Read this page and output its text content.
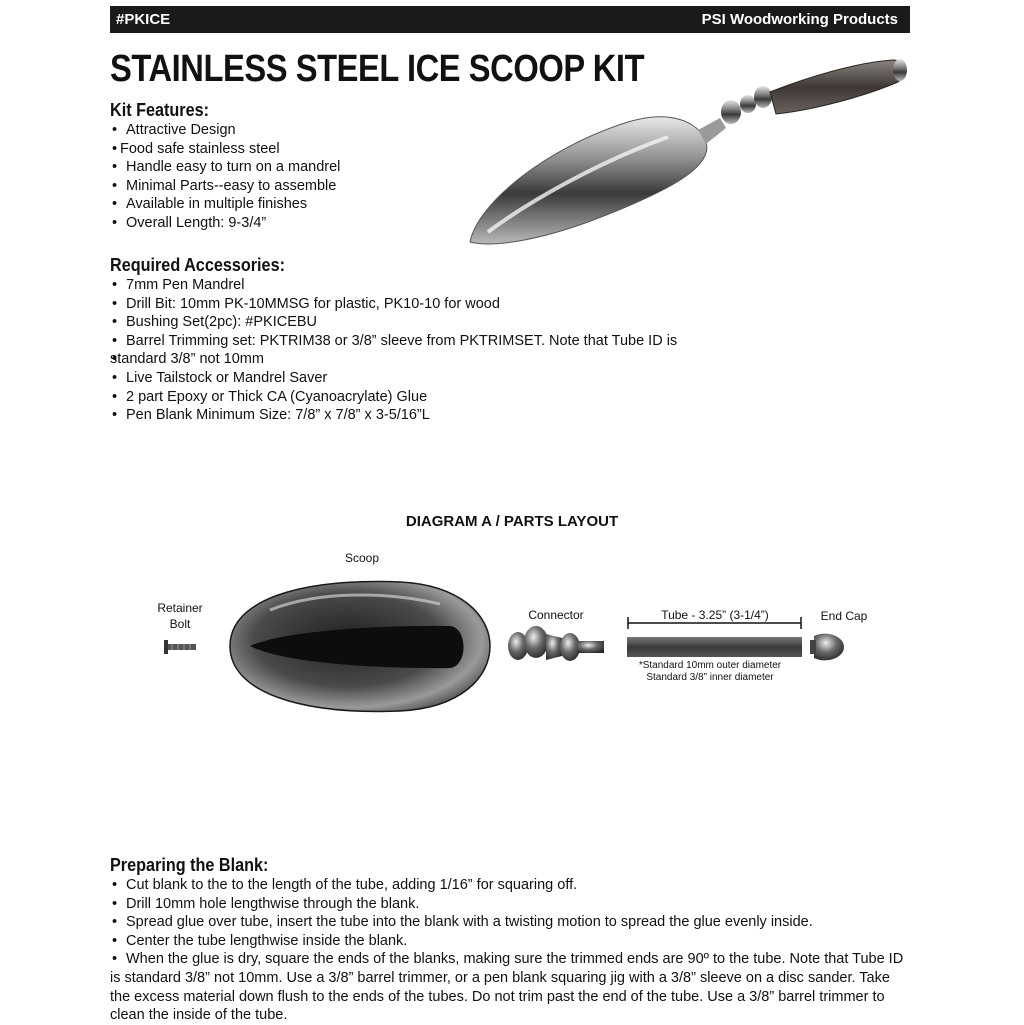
#PKICE	PSI Woodworking Products
STAINLESS STEEL ICE SCOOP KIT
Kit Features:
• Attractive Design
• Food safe stainless steel
• Handle easy to turn on a mandrel
• Minimal Parts--easy to assemble
• Available in multiple finishes
• Overall Length: 9-3/4”
Required Accessories:
• 7mm Pen Mandrel
• Drill Bit: 10mm PK-10MMSG for plastic, PK10-10 for wood
• Bushing Set(2pc): #PKICEBU
• Barrel Trimming set: PKTRIM38 or 3/8” sleeve from PKTRIMSET. Note that Tube ID is
• standard 3/8” not 10mm
• Live Tailstock or Mandrel Saver
• 2 part Epoxy or Thick CA (Cyanoacrylate) Glue
• Pen Blank Minimum Size: 7/8” x 7/8” x 3-5/16”L
DIAGRAM A / PARTS LAYOUT
Scoop
Retainer
Bolt
Connector	Tube - 3.25” (3-1/4”)	End Cap
*Standard 10mm outer diameter
Standard 3/8” inner diameter
Preparing the Blank:
• Cut blank to the to the length of the tube, adding 1/16” for squaring off.
• Drill 10mm hole lengthwise through the blank.
• Spread glue over tube, insert the tube into the blank with a twisting motion to spread the glue evenly inside.
• Center the tube lengthwise inside the blank.
• When the glue is dry, square the ends of the blanks, making sure the trimmed ends are 90º to the tube. Note that Tube ID is standard 3/8” not 10mm. Use a 3/8” barrel trimmer, or a pen blank squaring jig with a 3/8” sleeve on a disc sander. Take the excess material down flush to the ends of the tubes. Do not trim past the end of the tube. Use a 3/8” barrel trimmer to clean the inside of the tube.
